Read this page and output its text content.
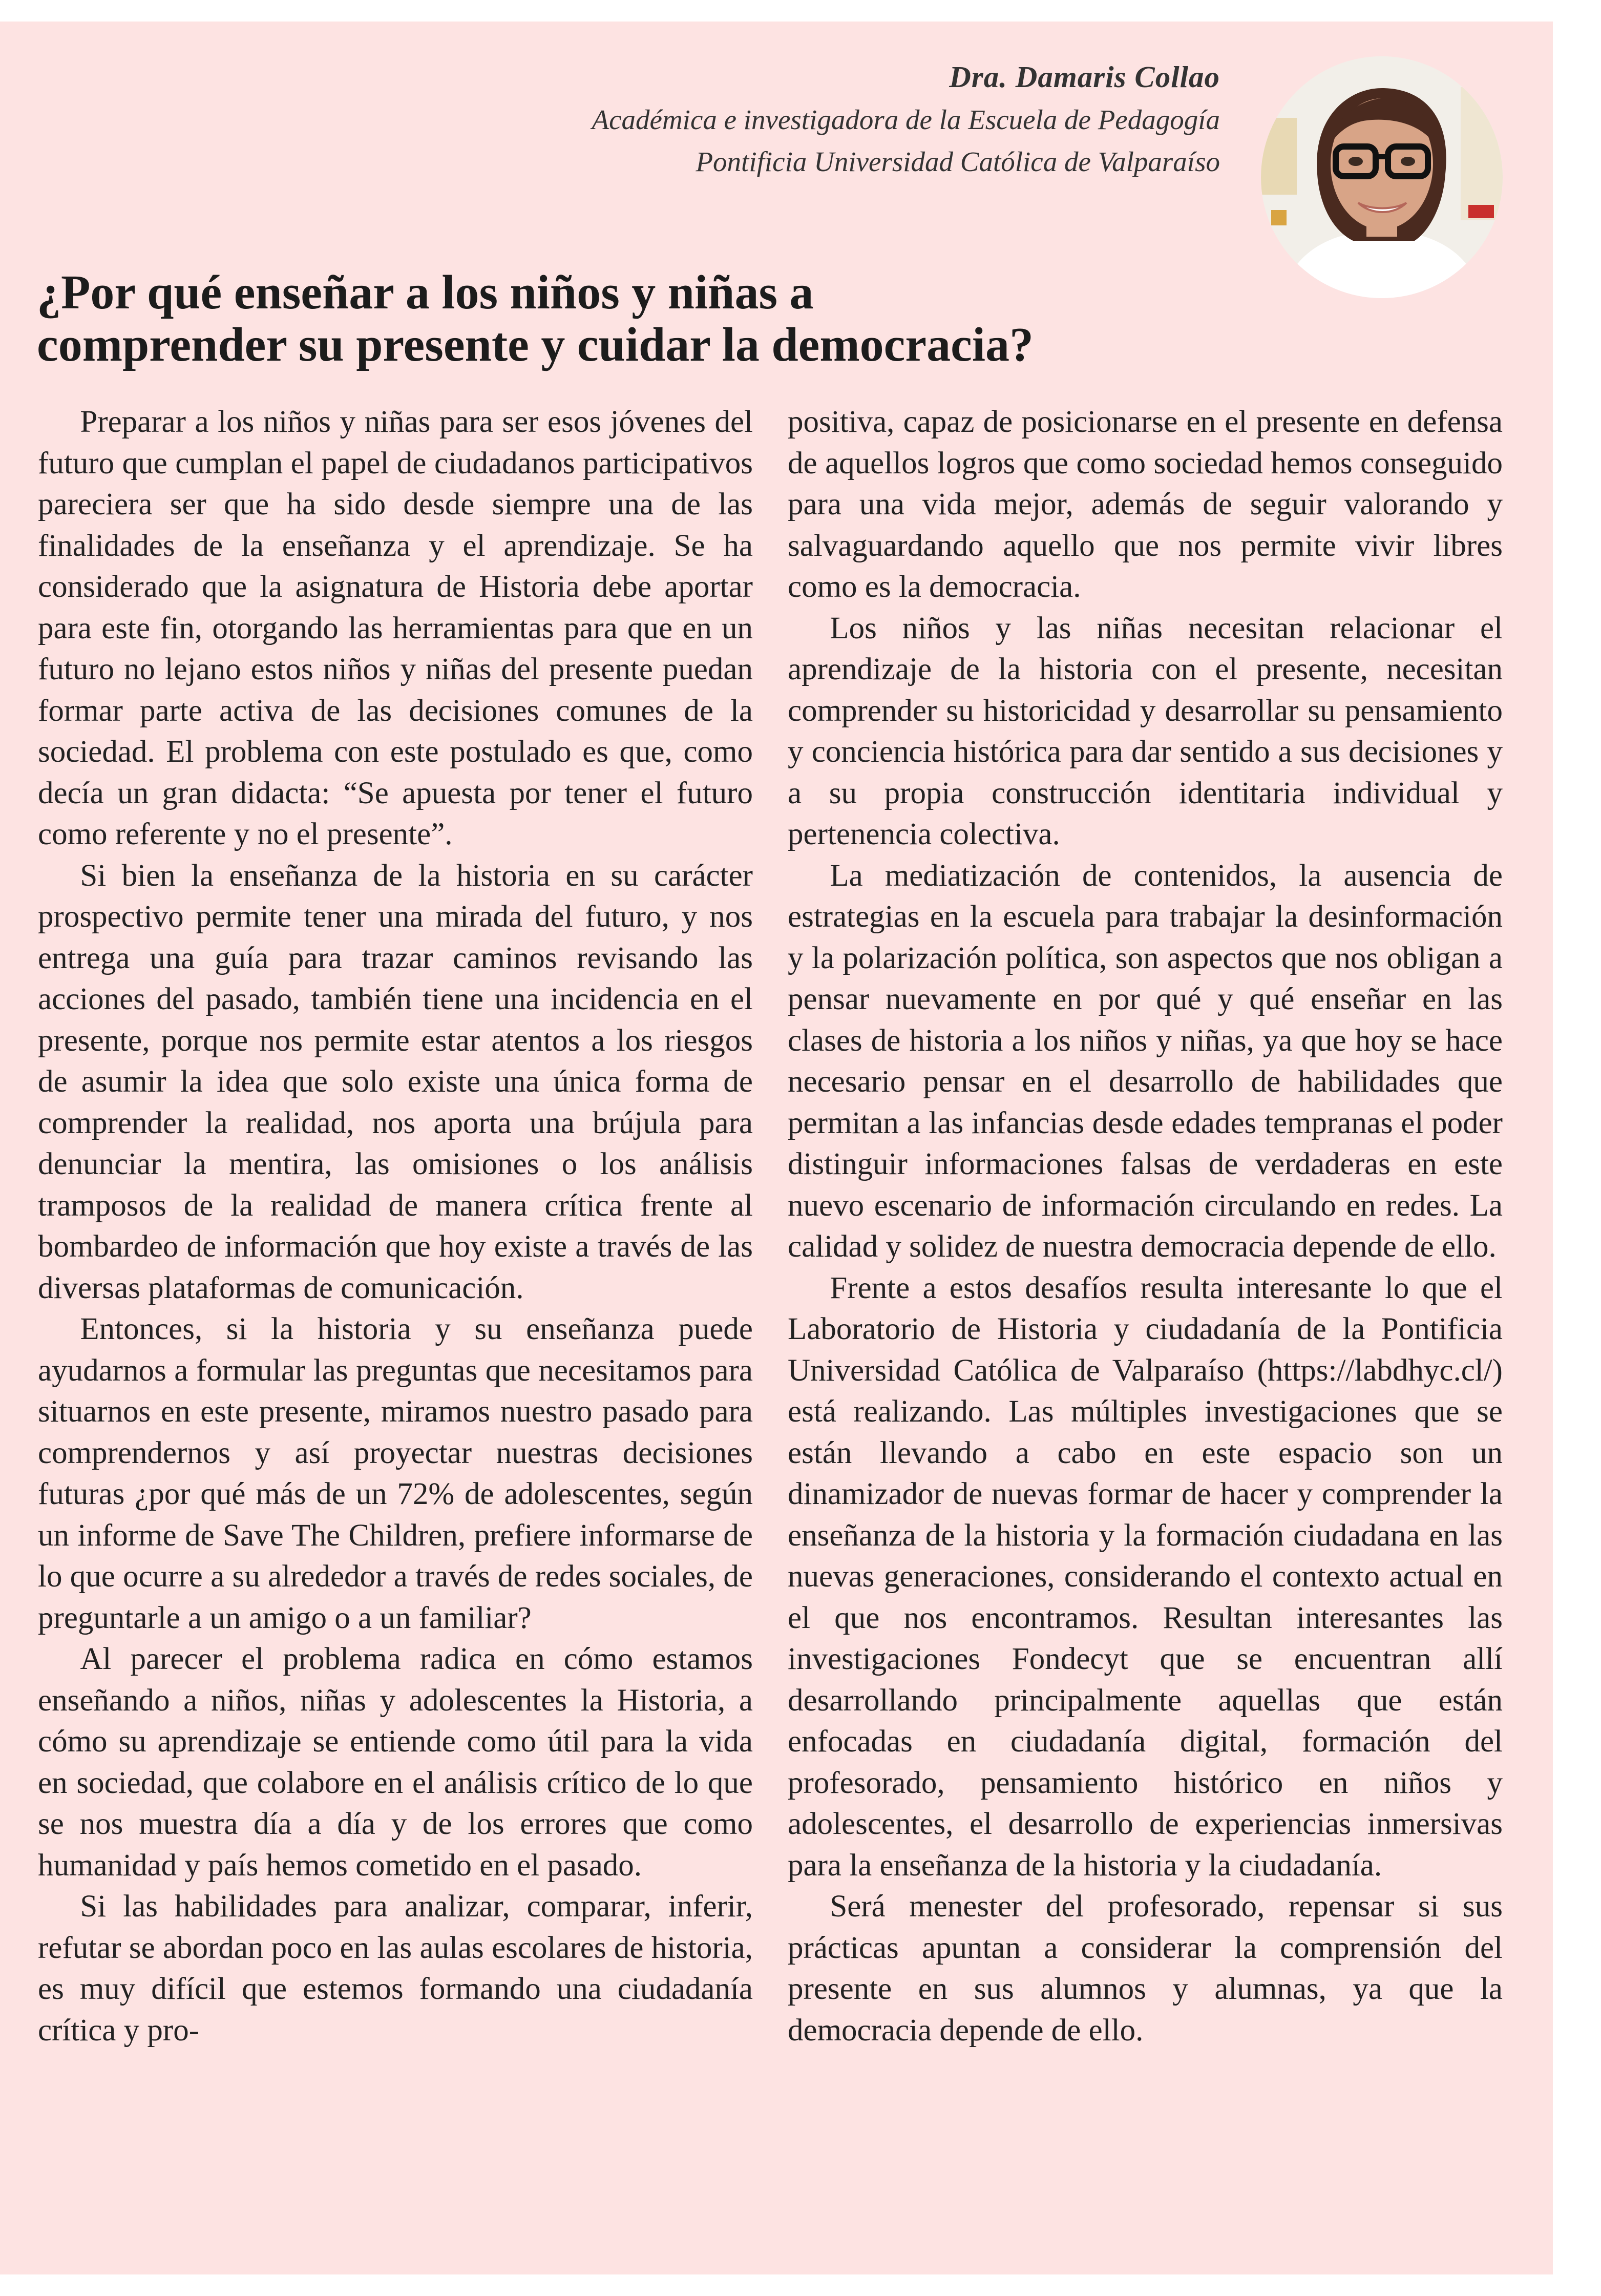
Dra. Damaris Collao
Académica e investigadora de la Escuela de Pedagogía
Pontificia Universidad Católica de Valparaíso
¿Por qué enseñar a los niños y niñas a
comprender su presente y cuidar la democracia?

Preparar a los niños y niñas para ser esos jóvenes del futuro que cumplan el papel de ciudadanos participativos pareciera ser que ha sido desde siempre una de las finalidades de la enseñanza y el aprendizaje. Se ha considerado que la asignatura de Historia debe aportar para este fin, otorgando las herramientas para que en un futuro no lejano estos niños y niñas del presente puedan formar parte activa de las decisiones comunes de la sociedad. El problema con este postulado es que, como decía un gran didacta: “Se apuesta por tener el futuro como referente y no el presente”.

Si bien la enseñanza de la historia en su carácter prospectivo permite tener una mirada del futuro, y nos entrega una guía para trazar caminos revisando las acciones del pasado, también tiene una incidencia en el presente, porque nos permite estar atentos a los riesgos de asumir la idea que solo existe una única forma de comprender la realidad, nos aporta una brújula para denunciar la mentira, las omisiones o los análisis tramposos de la realidad de manera crítica frente al bombardeo de información que hoy existe a través de las diversas plataformas de comunicación.

Entonces, si la historia y su enseñanza puede ayudarnos a formular las preguntas que necesitamos para situarnos en este presente, miramos nuestro pasado para comprendernos y así proyectar nuestras decisiones futuras ¿por qué más de un 72% de adolescentes, según un informe de Save The Children, prefiere informarse de lo que ocurre a su alrededor a través de redes sociales, de preguntarle a un amigo o a un familiar?

Al parecer el problema radica en cómo estamos enseñando a niños, niñas y adolescentes la Historia, a cómo su aprendizaje se entiende como útil para la vida en sociedad, que colabore en el análisis crítico de lo que se nos muestra día a día y de los errores que como humanidad y país hemos cometido en el pasado.

Si las habilidades para analizar, comparar, inferir, refutar se abordan poco en las aulas escolares de historia, es muy difícil que estemos formando una ciudadanía crítica y pro-

positiva, capaz de posicionarse en el presente en defensa de aquellos logros que como sociedad hemos conseguido para una vida mejor, además de seguir valorando y salvaguardando aquello que nos permite vivir libres como es la democracia.

Los niños y las niñas necesitan relacionar el aprendizaje de la historia con el presente, necesitan comprender su historicidad y desarrollar su pensamiento y conciencia histórica para dar sentido a sus decisiones y a su propia construcción identitaria individual y pertenencia colectiva.

La mediatización de contenidos, la ausencia de estrategias en la escuela para trabajar la desinformación y la polarización política, son aspectos que nos obligan a pensar nuevamente en por qué y qué enseñar en las clases de historia a los niños y niñas, ya que hoy se hace necesario pensar en el desarrollo de habilidades que permitan a las infancias desde edades tempranas el poder distinguir informaciones falsas de verdaderas en este nuevo escenario de información circulando en redes. La calidad y solidez de nuestra democracia depende de ello.

Frente a estos desafíos resulta interesante lo que el Laboratorio de Historia y ciudadanía de la Pontificia Universidad Católica de Valparaíso (https://labdhyc.cl/) está realizando. Las múltiples investigaciones que se están llevando a cabo en este espacio son un dinamizador de nuevas formar de hacer y comprender la enseñanza de la historia y la formación ciudadana en las nuevas generaciones, considerando el contexto actual en el que nos encontramos. Resultan interesantes las investigaciones Fondecyt que se encuentran allí desarrollando principalmente aquellas que están enfocadas en ciudadanía digital, formación del profesorado, pensamiento histórico en niños y adolescentes, el desarrollo de experiencias inmersivas para la enseñanza de la historia y la ciudadanía.

Será menester del profesorado, repensar si sus prácticas apuntan a considerar la comprensión del presente en sus alumnos y alumnas, ya que la democracia depende de ello.
